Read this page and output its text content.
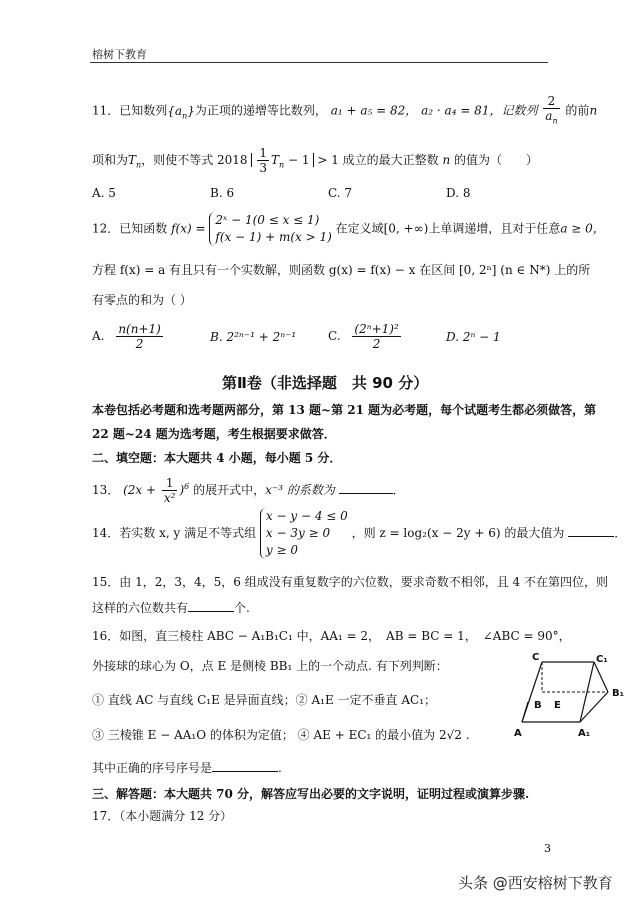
榕树下教育
11．已知数列$\{a_n\}$为正项的递增等比数列， a₁ + a₅ = 82， a₂ · a₄ = 81，记数列 $\frac{2}{a_n}$ 的前n
项和为$T_n$，则使不等式 $2018 \frac{1}{3} T_n - 1 > 1$ 成立的最大正整数 n 的值为（　　）
A. 5	B. 6	C. 7	D. 8
12．已知函数 f(x) =
2ˣ − 1(0 ≤ x ≤ 1)
f(x − 1) + m(x > 1)
在定义域[0, +∞)上单调递增，且对于任意a ≥ 0，
方程 f(x) = a 有且只有一个实数解，则函数 g(x) = f(x) − x 在区间 [0, 2ⁿ] (n ∈ N*) 上的所
有零点的和为（ ）
A. $\frac{n(n+1)}{2}$	B. 2²ⁿ⁻¹ + 2ⁿ⁻¹	C. $\frac{\text{(2ⁿ+1)²}}{2}$	D. 2ⁿ − 1
第Ⅱ卷（非选择题　共 90 分）
本卷包括必考题和选考题两部分，第 13 题~第 21 题为必考题，每个试题考生都必须做答，第
22 题~24 题为选考题，考生根据要求做答．
二、填空题：本大题共 4 小题，每小题 5 分．
13． $(2x + \frac{1}{\text{x²}} )^6$ 的展开式中，x⁻³ 的系数为	．
14．若实数 x, y 满足不等式组
x − y − 4 ≤ 0
x − 3y ≥ 0
y ≥ 0
，则 z = log₂(x − 2y + 6) 的最大值为	．
15．由 1，2，3，4，5，6 组成没有重复数字的六位数，要求奇数不相邻，且 4 不在第四位，则
这样的六位数共有	个.
16．如图，直三棱柱 ABC − A₁B₁C₁ 中，AA₁ = 2，　AB = BC = 1，　∠ABC = 90°，
外接球的球心为 O，点 E 是侧棱 BB₁ 上的一个动点. 有下列判断：
① 直线 AC 与直线 C₁E 是异面直线；② A₁E 一定不垂直 AC₁；
③ 三棱锥 E − AA₁O 的体积为定值； ④ AE + EC₁ 的最小值为 2√2 .
其中正确的序号序号是	.
C	C₁
B₁
B E
A	A₁
三、解答题：本大题共 70 分，解答应写出必要的文字说明，证明过程或演算步骤.
17．（本小题满分 12 分）
3
头条 @西安榕树下教育
